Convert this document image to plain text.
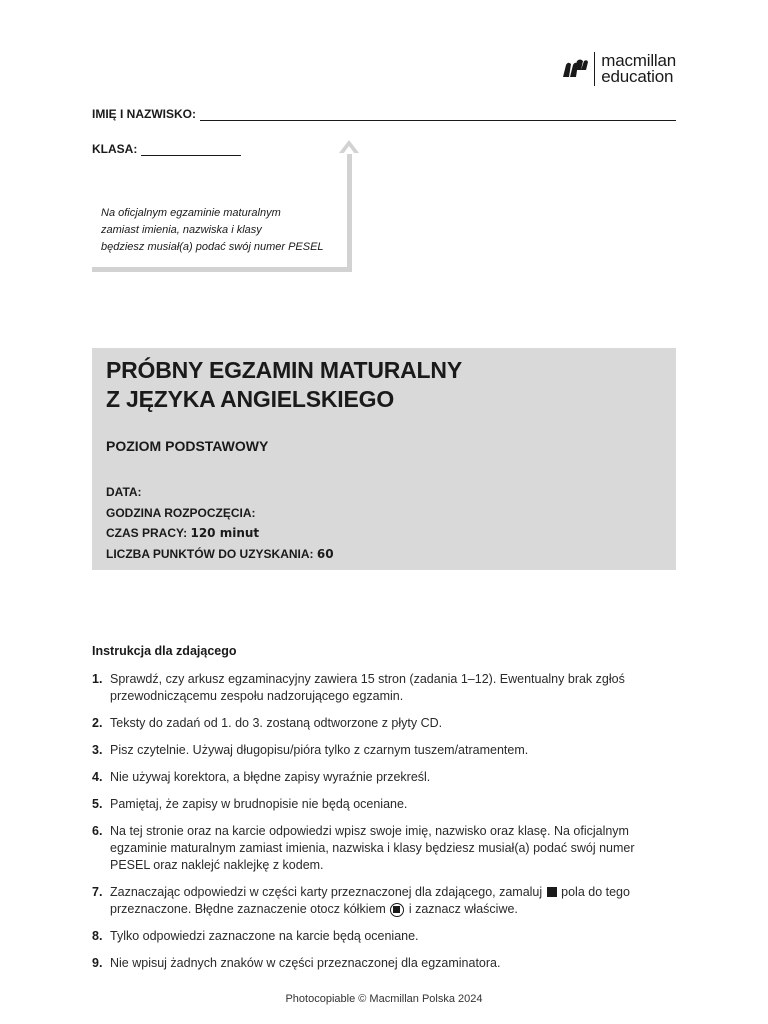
macmillan
education
IMIĘ I NAZWISKO:
KLASA:
Na oficjalnym egzaminie maturalnym
zamiast imienia, nazwiska i klasy
będziesz musiał(a) podać swój numer PESEL
PRÓBNY EGZAMIN MATURALNY
Z JĘZYKA ANGIELSKIEGO
POZIOM PODSTAWOWY
DATA:
GODZINA ROZPOCZĘCIA:
CZAS PRACY: 120 minut
LICZBA PUNKTÓW DO UZYSKANIA: 60
Instrukcja dla zdającego
1. Sprawdź, czy arkusz egzaminacyjny zawiera 15 stron (zadania 1–12). Ewentualny brak zgłoś przewodniczącemu zespołu nadzorującego egzamin.
2. Teksty do zadań od 1. do 3. zostaną odtworzone z płyty CD.
3. Pisz czytelnie. Używaj długopisu/pióra tylko z czarnym tuszem/atramentem.
4. Nie używaj korektora, a błędne zapisy wyraźnie przekreśl.
5. Pamiętaj, że zapisy w brudnopisie nie będą oceniane.
6. Na tej stronie oraz na karcie odpowiedzi wpisz swoje imię, nazwisko oraz klasę. Na oficjalnym egzaminie maturalnym zamiast imienia, nazwiska i klasy będziesz musiał(a) podać swój numer PESEL oraz naklejć naklejkę z kodem.
7. Zaznaczając odpowiedzi w części karty przeznaczonej dla zdającego, zamaluj pola do tego przeznaczone. Błędne zaznaczenie otocz kółkiem i zaznacz właściwe.
8. Tylko odpowiedzi zaznaczone na karcie będą oceniane.
9. Nie wpisuj żadnych znaków w części przeznaczonej dla egzaminatora.
Photocopiable © Macmillan Polska 2024
